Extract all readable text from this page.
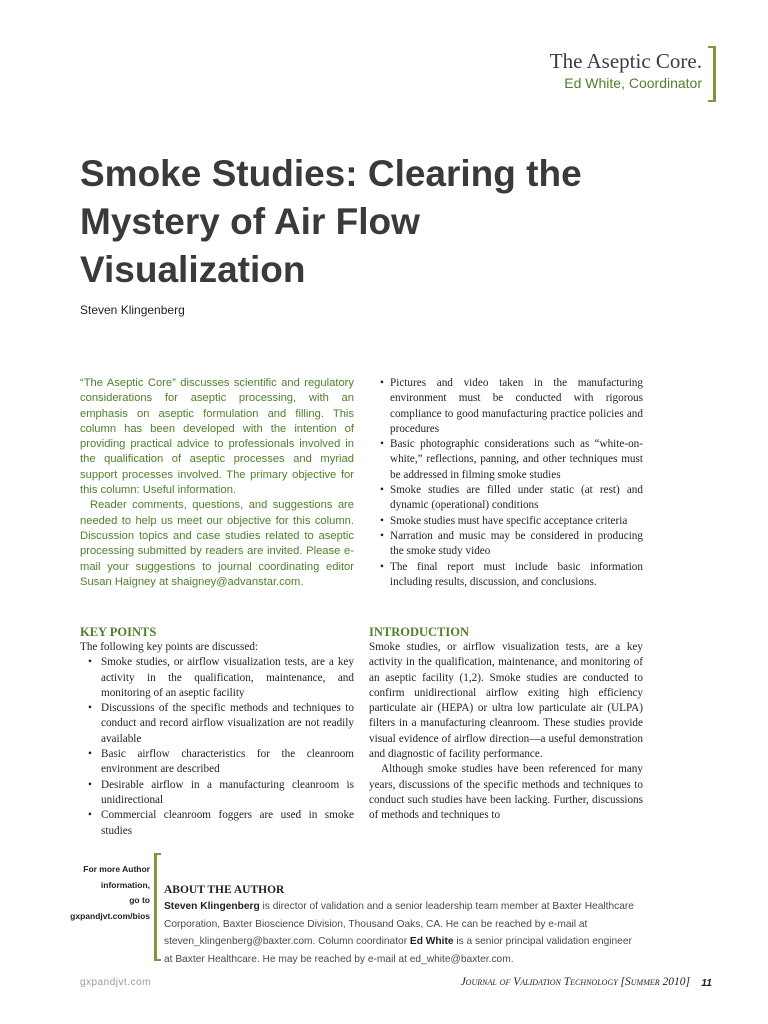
The Aseptic Core.
Ed White, Coordinator
Smoke Studies: Clearing the Mystery of Air Flow Visualization
Steven Klingenberg

“The Aseptic Core” discusses scientific and regulatory considerations for aseptic processing, with an emphasis on aseptic formulation and filling. This column has been developed with the intention of providing practical advice to professionals involved in the qualification of aseptic processes and myriad support processes involved. The primary objective for this column: Useful information.

Reader comments, questions, and suggestions are needed to help us meet our objective for this column. Discussion topics and case studies related to aseptic processing submitted by readers are invited. Please e-mail your suggestions to journal coordinating editor Susan Haigney at shaigney@advanstar.com.

• Pictures and video taken in the manufacturing environment must be conducted with rigorous compliance to good manufacturing practice policies and procedures
• Basic photographic considerations such as “white-on-white,” reflections, panning, and other techniques must be addressed in filming smoke studies
• Smoke studies are filled under static (at rest) and dynamic (operational) conditions
• Smoke studies must have specific acceptance criteria
• Narration and music may be considered in producing the smoke study video
• The final report must include basic information including results, discussion, and conclusions.
KEY POINTS

The following key points are discussed:

• Smoke studies, or airflow visualization tests, are a key activity in the qualification, maintenance, and monitoring of an aseptic facility
• Discussions of the specific methods and techniques to conduct and record airflow visualization are not readily available
• Basic airflow characteristics for the cleanroom environment are described
• Desirable airflow in a manufacturing cleanroom is unidirectional
• Commercial cleanroom foggers are used in smoke studies
INTRODUCTION

Smoke studies, or airflow visualization tests, are a key activity in the qualification, maintenance, and monitoring of an aseptic facility (1,2). Smoke studies are conducted to confirm unidirectional airflow exiting high efficiency particulate air (HEPA) or ultra low particulate air (ULPA) filters in a manufacturing cleanroom. These studies provide visual evidence of airflow direction—a useful demonstration and diagnostic of facility performance.

Although smoke studies have been referenced for many years, discussions of the specific methods and techniques to conduct such studies have been lacking. Further, discussions of methods and techniques to

For more Author
information,
go to
gxpandjvt.com/bios
ABOUT THE AUTHOR
Steven Klingenberg is director of validation and a senior leadership team member at Baxter Healthcare Corporation, Baxter Bioscience Division, Thousand Oaks, CA. He can be reached by e-mail at steven_klingenberg@baxter.com. Column coordinator Ed White is a senior principal validation engineer at Baxter Healthcare. He may be reached by e-mail at ed_white@baxter.com.
gxpandjvt.com	Journal of Validation Technology [Summer 2010] 11
